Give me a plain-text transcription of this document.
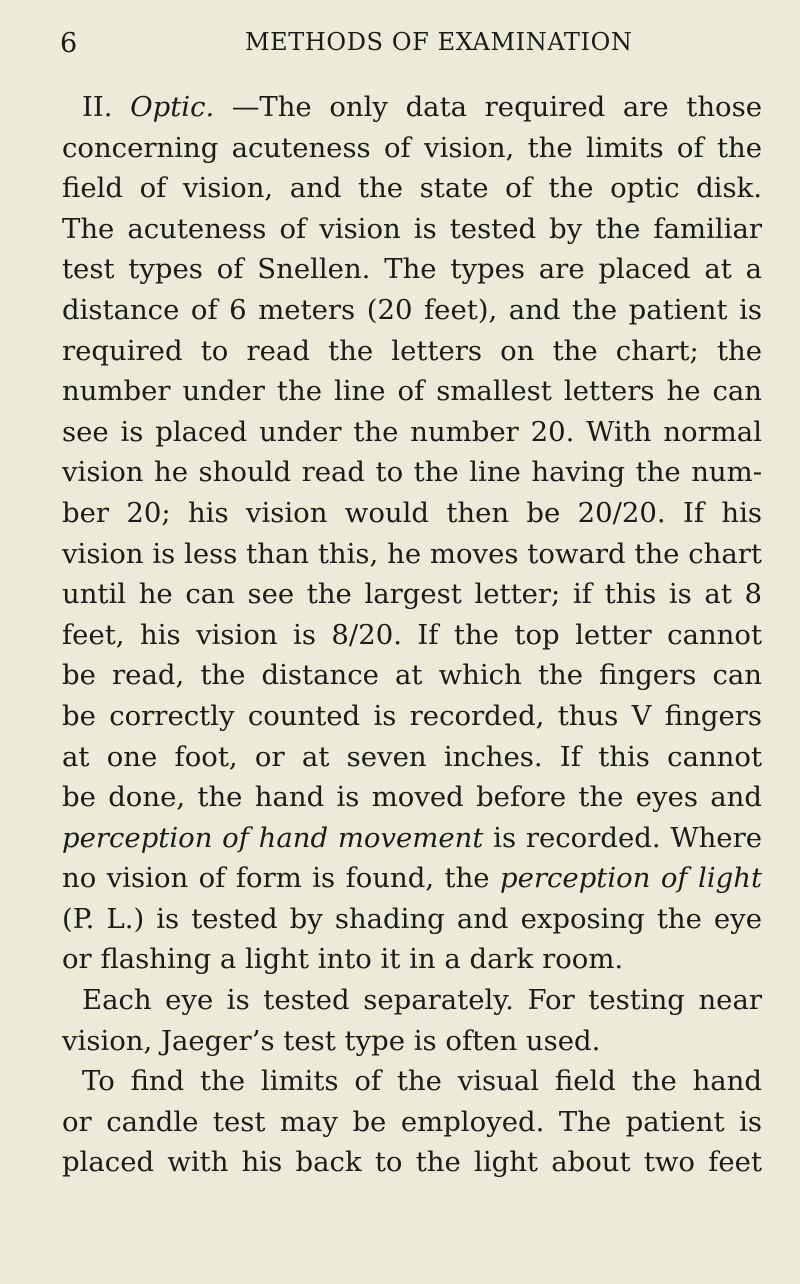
6	METHODS OF EXAMINATION
II. Optic. —The only data required are those
concerning acuteness of vision, the limits of the
field of vision, and the state of the optic disk.
The acuteness of vision is tested by the familiar
test types of Snellen. The types are placed at a
distance of 6 meters (20 feet), and the patient is
required to read the letters on the chart; the
number under the line of smallest letters he can
see is placed under the number 20. With normal
vision he should read to the line having the num-
ber 20; his vision would then be 20/20. If his
vision is less than this, he moves toward the chart
until he can see the largest letter; if this is at 8
feet, his vision is 8/20. If the top letter cannot
be read, the distance at which the fingers can
be correctly counted is recorded, thus V fingers
at one foot, or at seven inches. If this cannot
be done, the hand is moved before the eyes and
perception of hand movement is recorded. Where
no vision of form is found, the perception of light
(P. L.) is tested by shading and exposing the eye
or flashing a light into it in a dark room.
Each eye is tested separately. For testing near
vision, Jaeger’s test type is often used.
To find the limits of the visual field the hand
or candle test may be employed. The patient is
placed with his back to the light about two feet
